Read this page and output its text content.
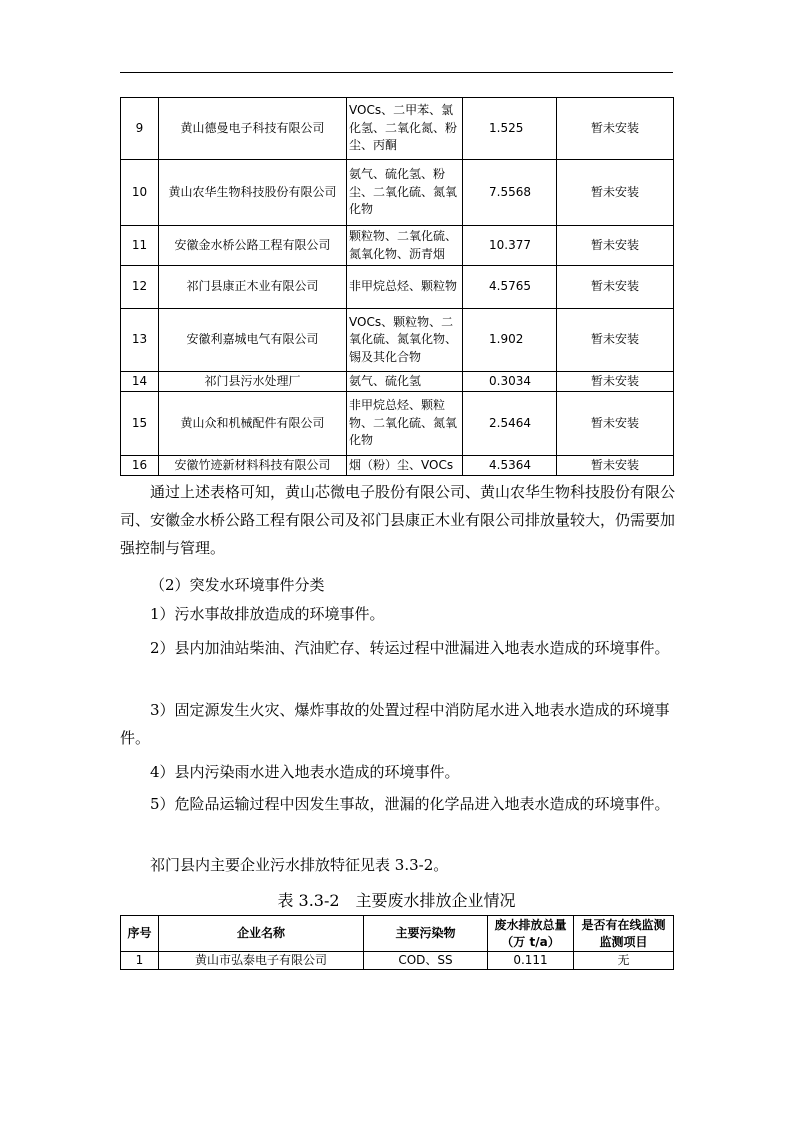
9	黄山德曼电子科技有限公司	VOCs、二甲苯、氯化氢、二氧化氮、粉尘、丙酮	1.525	暂未安装
10	黄山农华生物科技股份有限公司	氨气、硫化氢、粉尘、二氧化硫、氮氧化物	7.5568	暂未安装
11	安徽金水桥公路工程有限公司	颗粒物、二氧化硫、氮氧化物、沥青烟	10.377	暂未安装
12	祁门县康正木业有限公司	非甲烷总烃、颗粒物	4.5765	暂未安装
13	安徽利嘉城电气有限公司	VOCs、颗粒物、二氧化硫、氮氧化物、锡及其化合物	1.902	暂未安装
14	祁门县污水处理厂	氨气、硫化氢	0.3034	暂未安装
15	黄山众和机械配件有限公司	非甲烷总烃、颗粒物、二氧化硫、氮氧化物	2.5464	暂未安装
16	安徽竹迹新材料科技有限公司	烟（粉）尘、VOCs	4.5364	暂未安装

通过上述表格可知，黄山芯微电子股份有限公司、黄山农华生物科技股份有限公司、安徽金水桥公路工程有限公司及祁门县康正木业有限公司排放量较大，仍需要加强控制与管理。

（2）突发水环境事件分类

1）污水事故排放造成的环境事件。

2）县内加油站柴油、汽油贮存、转运过程中泄漏进入地表水造成的环境事件。

3）固定源发生火灾、爆炸事故的处置过程中消防尾水进入地表水造成的环境事件。

4）县内污染雨水进入地表水造成的环境事件。

5）危险品运输过程中因发生事故，泄漏的化学品进入地表水造成的环境事件。

祁门县内主要企业污水排放特征见表 3.3-2。

表 3.3-2　主要废水排放企业情况

序号	企业名称	主要污染物	废水排放总量（万 t/a）	是否有在线监测监测项目
1	黄山市弘泰电子有限公司	COD、SS	0.111	无
